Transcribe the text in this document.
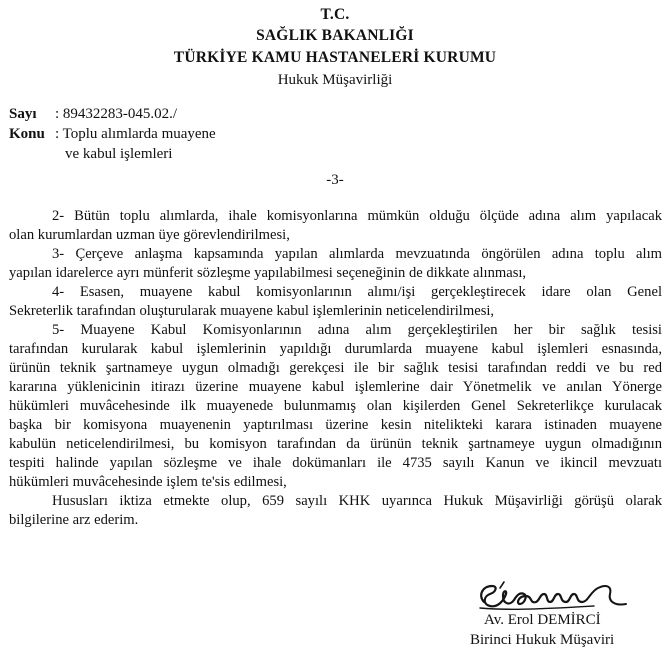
T.C.
SAĞLIK BAKANLIĞI
TÜRKİYE KAMU HASTANELERİ KURUMU
Hukuk Müşavirliği
Sayı : 89432283-045.02./
Konu : Toplu alımlarda muayene
ve kabul işlemleri
-3-
2- Bütün toplu alımlarda, ihale komisyonlarına mümkün olduğu ölçüde adına alım yapılacak
olan kurumlardan uzman üye görevlendirilmesi,
3- Çerçeve anlaşma kapsamında yapılan alımlarda mevzuatında öngörülen adına toplu alım
yapılan idarelerce ayrı münferit sözleşme yapılabilmesi seçeneğinin de dikkate alınması,
4- Esasen, muayene kabul komisyonlarının alımı/işi gerçekleştirecek idare olan Genel
Sekreterlik tarafından oluşturularak muayene kabul işlemlerinin neticelendirilmesi,
5- Muayene Kabul Komisyonlarının adına alım gerçekleştirilen her bir sağlık tesisi
tarafından kurularak kabul işlemlerinin yapıldığı durumlarda muayene kabul işlemleri esnasında,
ürünün teknik şartnameye uygun olmadığı gerekçesi ile bir sağlık tesisi tarafından reddi ve bu red
kararına yüklenicinin itirazı üzerine muayene kabul işlemlerine dair Yönetmelik ve anılan Yönerge
hükümleri muvâcehesinde ilk muayenede bulunmamış olan kişilerden Genel Sekreterlikçe kurulacak
başka bir komisyona muayenenin yaptırılması üzerine kesin nitelikteki karara istinaden muayene
kabulün neticelendirilmesi, bu komisyon tarafından da ürünün teknik şartnameye uygun olmadığının
tespiti halinde yapılan sözleşme ve ihale dokümanları ile 4735 sayılı Kanun ve ikincil mevzuatı
hükümleri muvâcehesinde işlem te'sis edilmesi,
Hususları iktiza etmekte olup, 659 sayılı KHK uyarınca Hukuk Müşavirliği görüşü olarak
bilgilerine arz ederim.
Av. Erol DEMİRCİ
Birinci Hukuk Müşaviri
